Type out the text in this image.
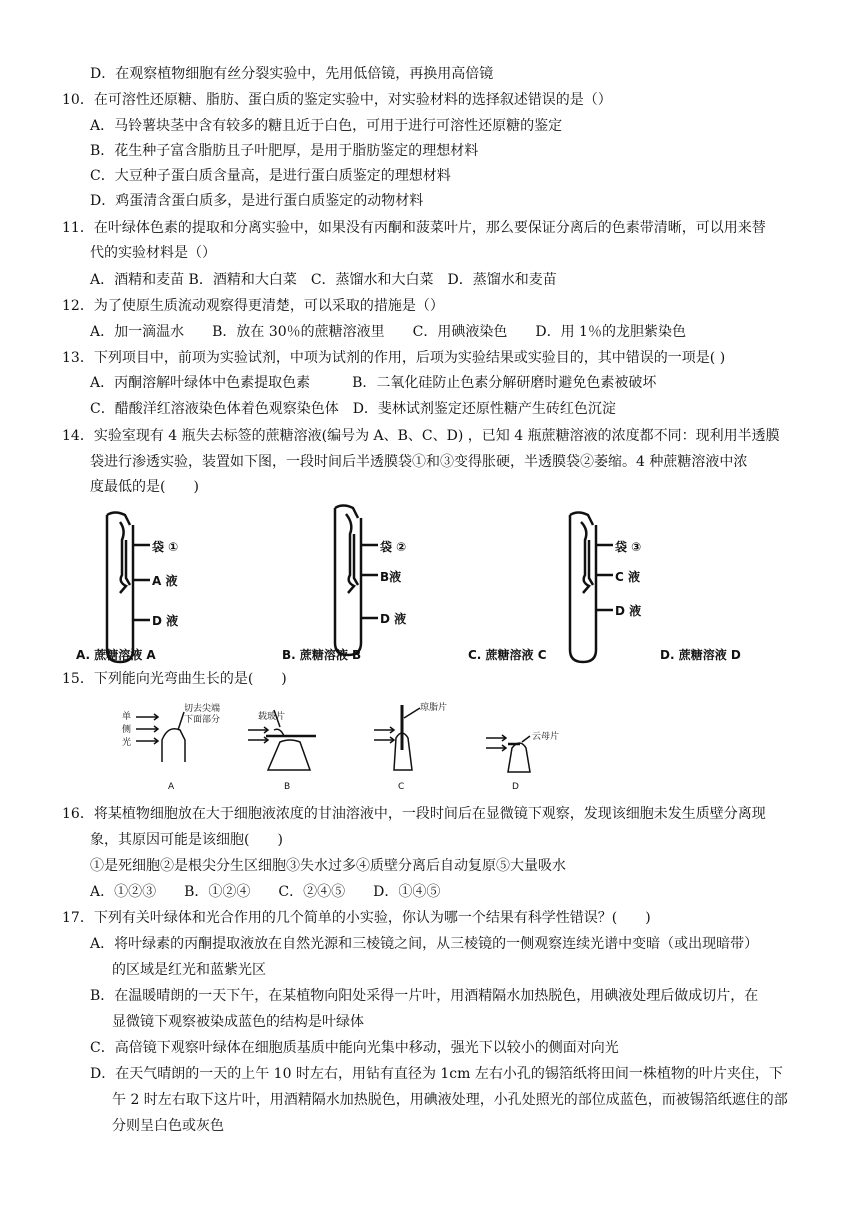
D．在观察植物细胞有丝分裂实验中，先用低倍镜，再换用高倍镜
10．在可溶性还原糖、脂肪、蛋白质的鉴定实验中，对实验材料的选择叙述错误的是（）
A．马铃薯块茎中含有较多的糖且近于白色，可用于进行可溶性还原糖的鉴定
B．花生种子富含脂肪且子叶肥厚，是用于脂肪鉴定的理想材料
C．大豆种子蛋白质含量高，是进行蛋白质鉴定的理想材料
D．鸡蛋清含蛋白质多，是进行蛋白质鉴定的动物材料
11．在叶绿体色素的提取和分离实验中，如果没有丙酮和菠菜叶片，那么要保证分离后的色素带清晰，可以用来替
代的实验材料是（）
A．酒精和麦苗 B．酒精和大白菜　C．蒸馏水和大白菜　D．蒸馏水和麦苗
12．为了使原生质流动观察得更清楚，可以采取的措施是（）
A．加一滴温水　　B．放在 30％的蔗糖溶液里　　C．用碘液染色　　D．用 1％的龙胆紫染色
13．下列项目中，前项为实验试剂，中项为试剂的作用，后项为实验结果或实验目的，其中错误的一项是( )
A．丙酮溶解叶绿体中色素提取色素　　　B．二氧化硅防止色素分解研磨时避免色素被破坏
C．醋酸洋红溶液染色体着色观察染色体　D．斐林试剂鉴定还原性糖产生砖红色沉淀
14．实验室现有 4 瓶失去标签的蔗糖溶液(编号为 A、B、C、D) ，已知 4 瓶蔗糖溶液的浓度都不同：现利用半透膜
袋进行渗透实验，装置如下图，一段时间后半透膜袋①和③变得胀硬，半透膜袋②萎缩。4 种蔗糖溶液中浓
度最低的是(　　)
袋 ①
A 液
D 液
袋 ②
B液
D 液
袋 ③
C 液
D 液
A. 蔗糖溶液 A	B. 蔗糖溶液 B	C. 蔗糖溶液 C	D. 蔗糖溶液 D
15．下列能向光弯曲生长的是(　　)
单
侧
光
切去尖端
下面部分	载玻片
琼脂片
云母片
A	B	C	D
16．将某植物细胞放在大于细胞液浓度的甘油溶液中，一段时间后在显微镜下观察，发现该细胞未发生质壁分离现
象，其原因可能是该细胞(　　)
①是死细胞②是根尖分生区细胞③失水过多④质壁分离后自动复原⑤大量吸水
A．①②③　　B．①②④　　C．②④⑤　　D．①④⑤
17．下列有关叶绿体和光合作用的几个简单的小实验，你认为哪一个结果有科学性错误？(　　)
A．将叶绿素的丙酮提取液放在自然光源和三棱镜之间，从三棱镜的一侧观察连续光谱中变暗（或出现暗带）
的区域是红光和蓝紫光区
B．在温暖晴朗的一天下午，在某植物向阳处采得一片叶，用酒精隔水加热脱色，用碘液处理后做成切片，在
显微镜下观察被染成蓝色的结构是叶绿体
C．高倍镜下观察叶绿体在细胞质基质中能向光集中移动，强光下以较小的侧面对向光
D．在天气晴朗的一天的上午 10 时左右，用钻有直径为 1cm 左右小孔的锡箔纸将田间一株植物的叶片夹住，下
午 2 时左右取下这片叶，用酒精隔水加热脱色，用碘液处理，小孔处照光的部位成蓝色，而被锡箔纸遮住的部
分则呈白色或灰色
